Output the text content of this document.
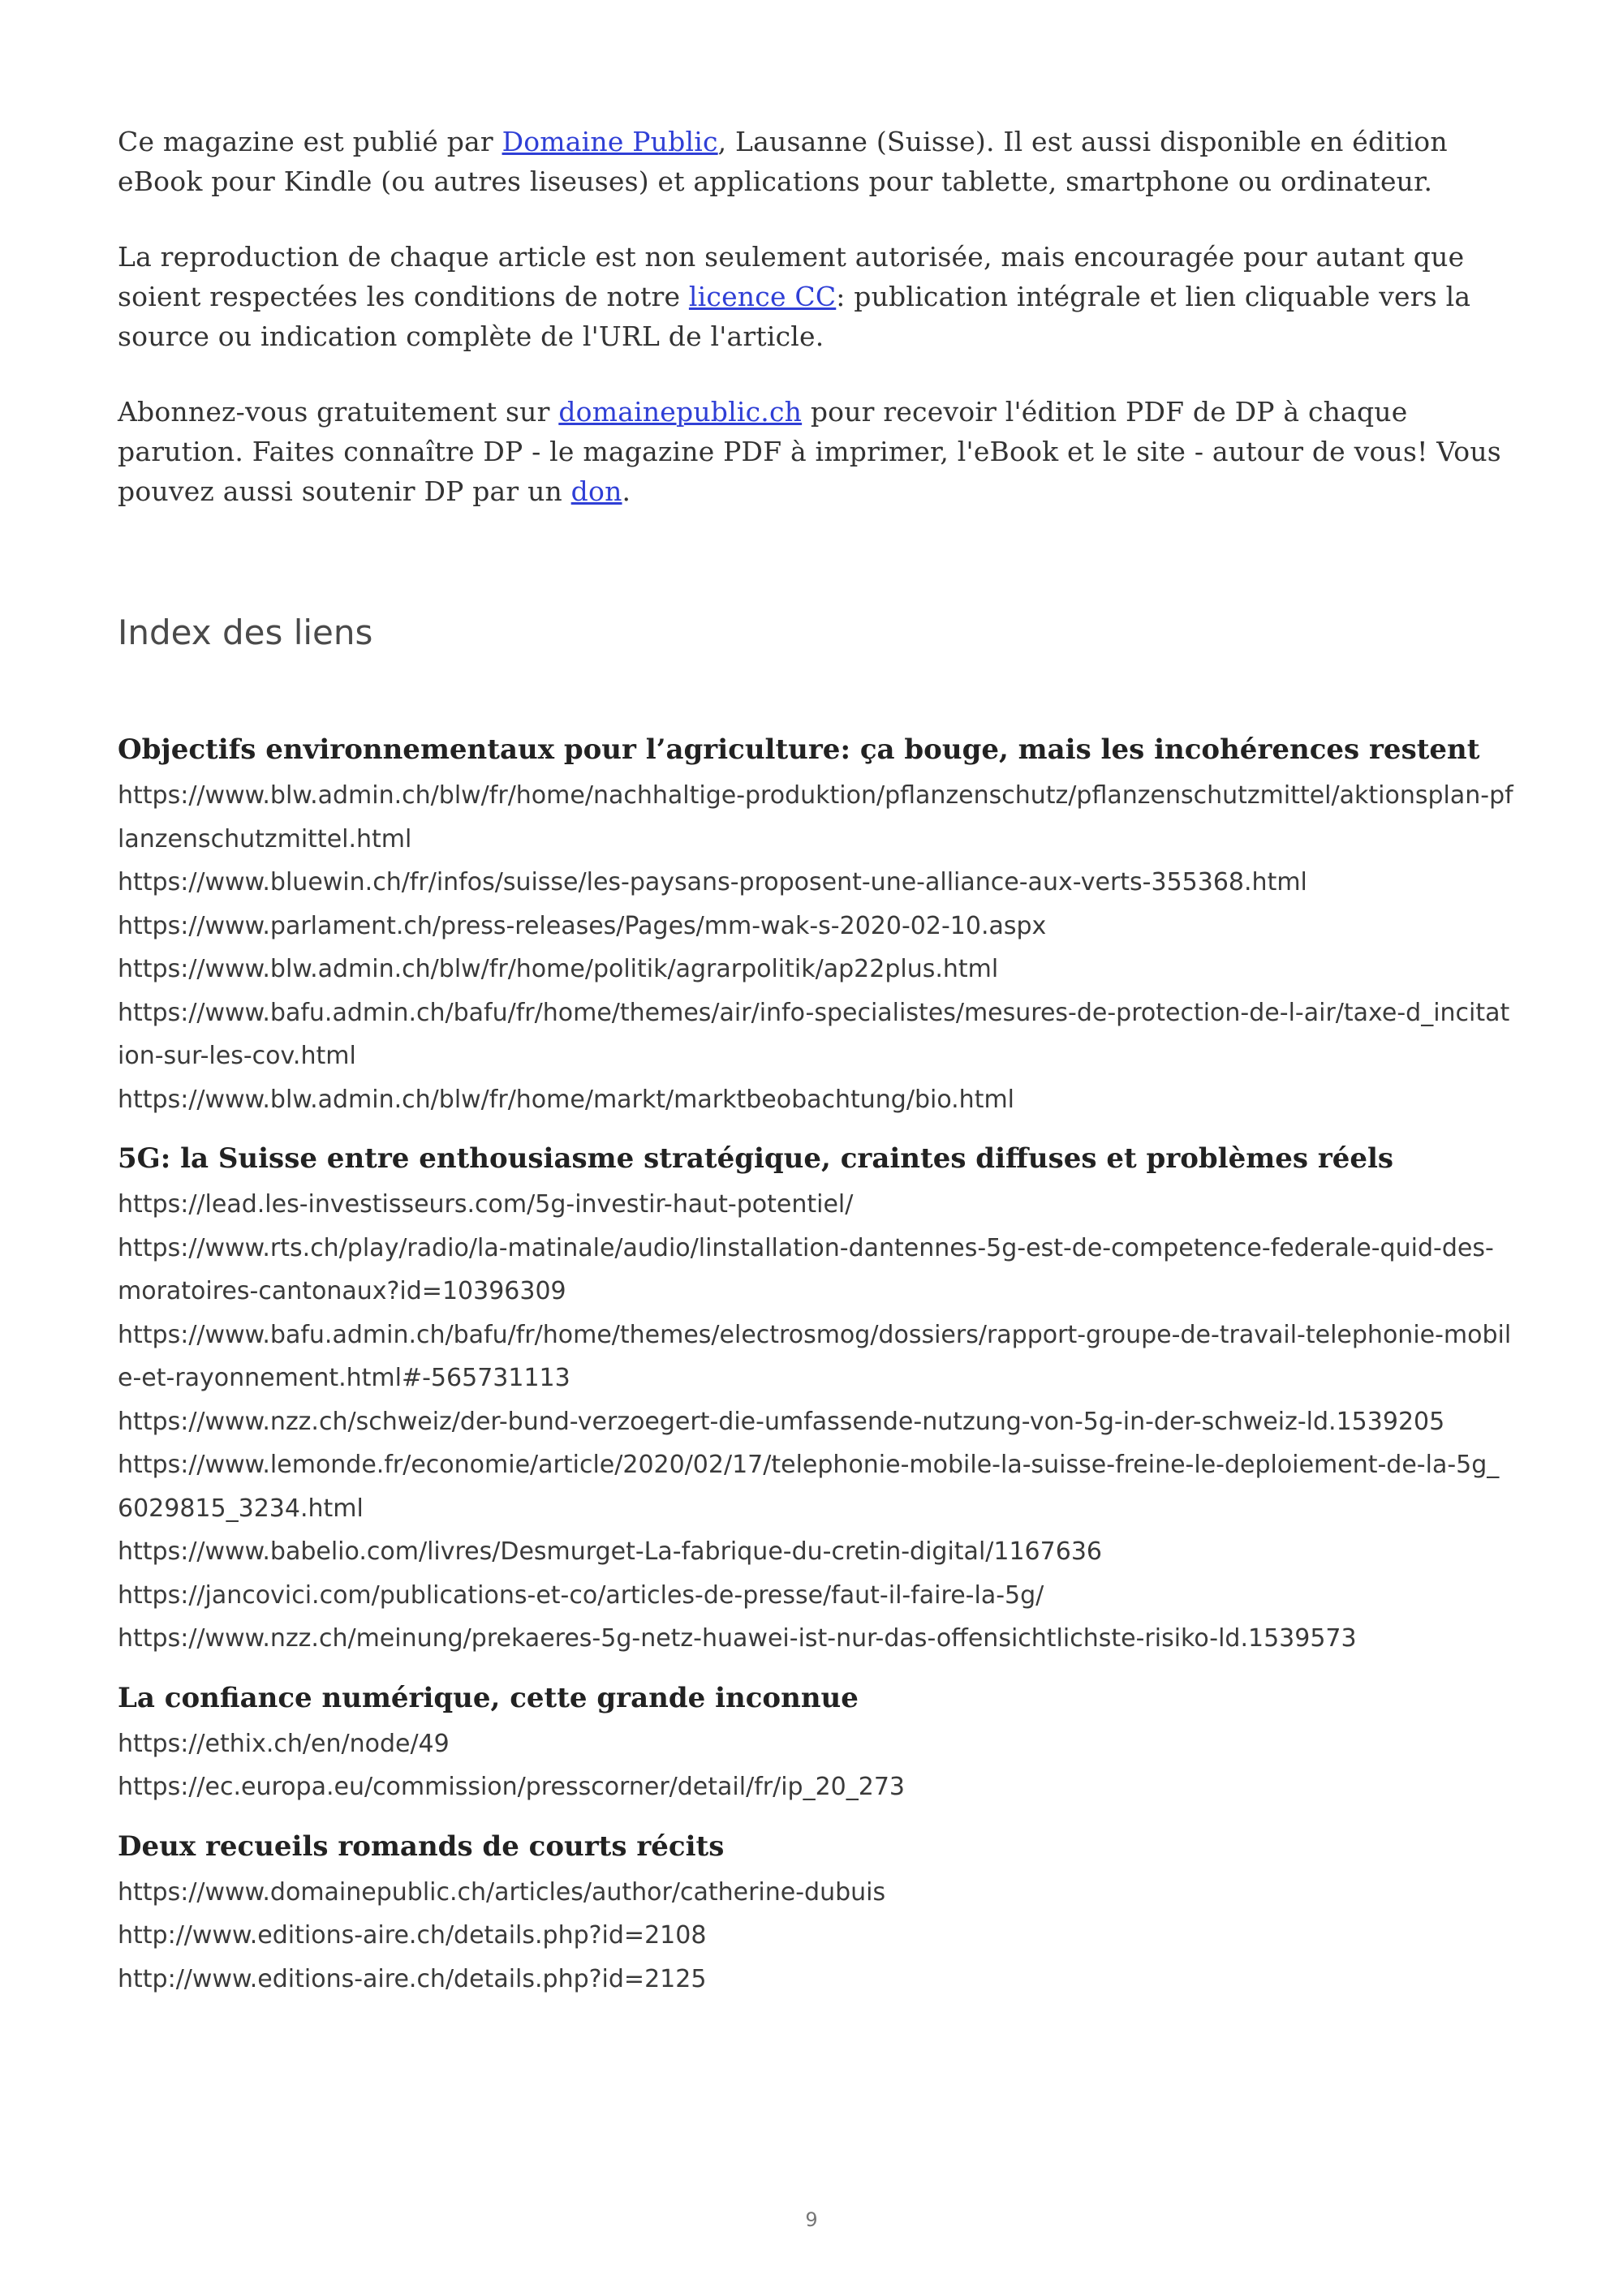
Ce magazine est publié par Domaine Public, Lausanne (Suisse). Il est aussi disponible en édition eBook pour Kindle (ou autres liseuses) et applications pour tablette, smartphone ou ordinateur.

La reproduction de chaque article est non seulement autorisée, mais encouragée pour autant que soient respectées les conditions de notre licence CC: publication intégrale et lien cliquable vers la source ou indication complète de l'URL de l'article.

Abonnez-vous gratuitement sur domainepublic.ch pour recevoir l'édition PDF de DP à chaque parution. Faites connaître DP - le magazine PDF à imprimer, l'eBook et le site - autour de vous! Vous pouvez aussi soutenir DP par un don.

Index des liens
Objectifs environnementaux pour l’agriculture: ça bouge, mais les incohérences restent
https://www.blw.admin.ch/blw/fr/home/nachhaltige-produktion/pflanzenschutz/pflanzenschutzmittel/aktionsplan-pflanzenschutzmittel.html
https://www.bluewin.ch/fr/infos/suisse/les-paysans-proposent-une-alliance-aux-verts-355368.html
https://www.parlament.ch/press-releases/Pages/mm-wak-s-2020-02-10.aspx
https://www.blw.admin.ch/blw/fr/home/politik/agrarpolitik/ap22plus.html
https://www.bafu.admin.ch/bafu/fr/home/themes/air/info-specialistes/mesures-de-protection-de-l-air/taxe-d_incitation-sur-les-cov.html
https://www.blw.admin.ch/blw/fr/home/markt/marktbeobachtung/bio.html
5G: la Suisse entre enthousiasme stratégique, craintes diffuses et problèmes réels
https://lead.les-investisseurs.com/5g-investir-haut-potentiel/
https://www.rts.ch/play/radio/la-matinale/audio/linstallation-dantennes-5g-est-de-competence-federale-quid-des-moratoires-cantonaux?id=10396309
https://www.bafu.admin.ch/bafu/fr/home/themes/electrosmog/dossiers/rapport-groupe-de-travail-telephonie-mobile-et-rayonnement.html#-565731113
https://www.nzz.ch/schweiz/der-bund-verzoegert-die-umfassende-nutzung-von-5g-in-der-schweiz-ld.1539205
https://www.lemonde.fr/economie/article/2020/02/17/telephonie-mobile-la-suisse-freine-le-deploiement-de-la-5g_6029815_3234.html
https://www.babelio.com/livres/Desmurget-La-fabrique-du-cretin-digital/1167636
https://jancovici.com/publications-et-co/articles-de-presse/faut-il-faire-la-5g/
https://www.nzz.ch/meinung/prekaeres-5g-netz-huawei-ist-nur-das-offensichtlichste-risiko-ld.1539573
La confiance numérique, cette grande inconnue
https://ethix.ch/en/node/49
https://ec.europa.eu/commission/presscorner/detail/fr/ip_20_273
Deux recueils romands de courts récits
https://www.domainepublic.ch/articles/author/catherine-dubuis
http://www.editions-aire.ch/details.php?id=2108
http://www.editions-aire.ch/details.php?id=2125
9
